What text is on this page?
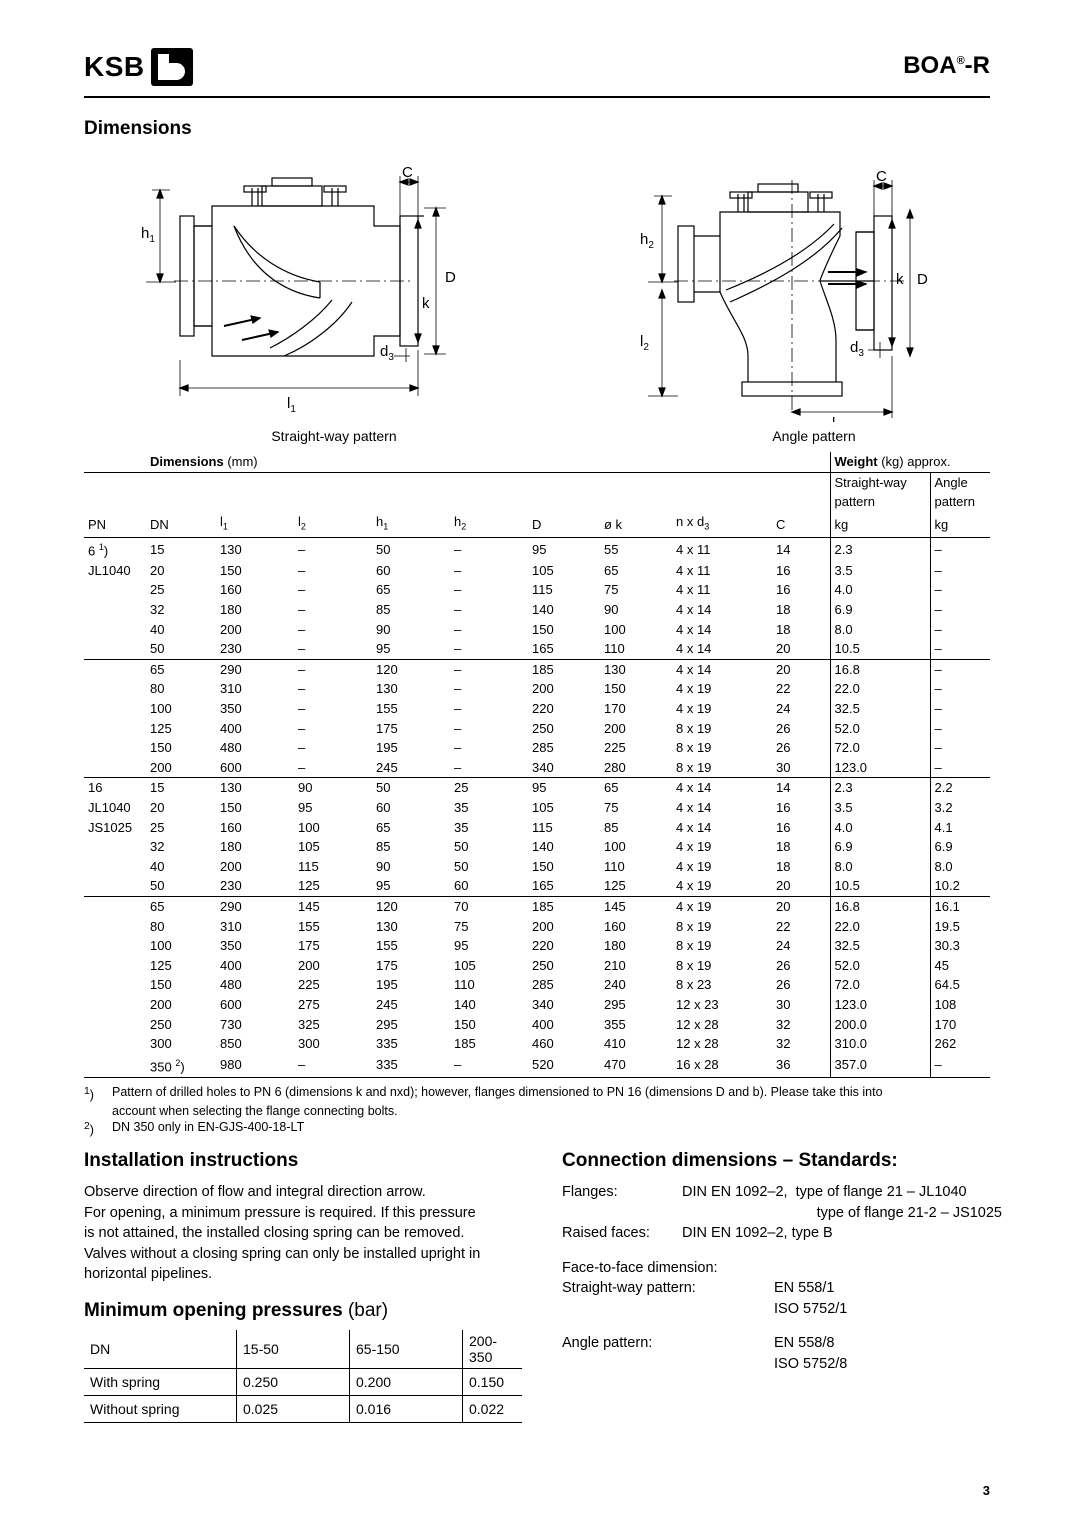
KSB	BOA®-R
Dimensions
$h_1$
$l_1$
C
D
k
$d_3$
$h_2$
$l_2$
C
k D
$d_3$
Straight-way pattern	Angle pattern
	Dimensions (mm)									Weight (kg) approx.	
										Straight-way	Angle
										pattern	pattern
PN	DN	$l_1$	$l_2$	$h_1$	$h_2$	D	ø k	n x $d_3$	C	kg	kg
6 $^1$)	15	130	–	50	–	95	55	4 x 11	14	2.3	–
JL1040	20	150	–	60	–	105	65	4 x 11	16	3.5	–
	25	160	–	65	–	115	75	4 x 11	16	4.0	–
	32	180	–	85	–	140	90	4 x 14	18	6.9	–
	40	200	–	90	–	150	100	4 x 14	18	8.0	–
	50	230	–	95	–	165	110	4 x 14	20	10.5	–
	65	290	–	120	–	185	130	4 x 14	20	16.8	–
	80	310	–	130	–	200	150	4 x 19	22	22.0	–
	100	350	–	155	–	220	170	4 x 19	24	32.5	–
	125	400	–	175	–	250	200	8 x 19	26	52.0	–
	150	480	–	195	–	285	225	8 x 19	26	72.0	–
	200	600	–	245	–	340	280	8 x 19	30	123.0	–
16	15	130	90	50	25	95	65	4 x 14	14	2.3	2.2
JL1040	20	150	95	60	35	105	75	4 x 14	16	3.5	3.2
JS1025	25	160	100	65	35	115	85	4 x 14	16	4.0	4.1
	32	180	105	85	50	140	100	4 x 19	18	6.9	6.9
	40	200	115	90	50	150	110	4 x 19	18	8.0	8.0
	50	230	125	95	60	165	125	4 x 19	20	10.5	10.2
	65	290	145	120	70	185	145	4 x 19	20	16.8	16.1
	80	310	155	130	75	200	160	8 x 19	22	22.0	19.5
	100	350	175	155	95	220	180	8 x 19	24	32.5	30.3
	125	400	200	175	105	250	210	8 x 19	26	52.0	45
	150	480	225	195	110	285	240	8 x 23	26	72.0	64.5
	200	600	275	245	140	340	295	12 x 23	30	123.0	108
	250	730	325	295	150	400	355	12 x 28	32	200.0	170
	300	850	300	335	185	460	410	12 x 28	32	310.0	262
	350 $^2$)	980	–	335	–	520	470	16 x 28	36	357.0	–
$^1$)	Pattern of drilled holes to PN 6 (dimensions k and nxd); however, flanges dimensioned to PN 16 (dimensions D and b). Please take this into
account when selecting the flange connecting bolts.
$^2$)	DN 350 only in EN-GJS-400-18-LT
Installation instructions
Observe direction of flow and integral direction arrow.
For opening, a minimum pressure is required. If this pressure
is not attained, the installed closing spring can be removed.
Valves without a closing spring can only be installed upright in
horizontal pipelines.
Minimum opening pressures (bar)
DN	15-50	65-150	200-350
With spring	0.250	0.200	0.150
Without spring	0.025	0.016	0.022
Connection dimensions – Standards:
Flanges:	DIN EN 1092–2, type of flange 21 – JL1040
type of flange 21-2 – JS1025
Raised faces:	DIN EN 1092–2, type B
Face-to-face dimension:
Straight-way pattern:	EN 558/1
ISO 5752/1
Angle pattern:	EN 558/8
ISO 5752/8
3
